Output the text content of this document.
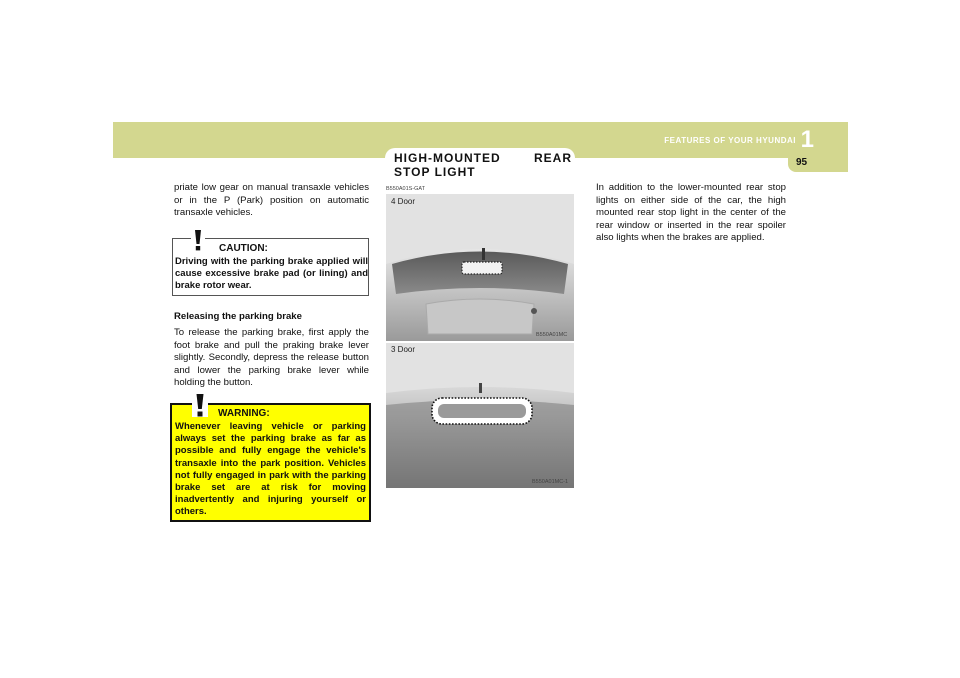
FEATURES OF YOUR HYUNDAI 1
95
priate low gear on manual transaxle vehicles or in the P (Park) position on automatic transaxle vehicles.
CAUTION:
Driving with the parking brake applied will cause excessive brake pad (or lining) and brake rotor wear.
Releasing the parking brake
To release the parking brake, first apply the foot brake and pull the praking brake lever slightly. Secondly, depress the release button and lower the parking brake lever while holding the button.
WARNING:
Whenever leaving vehicle or parking always set the parking brake as far as possible and fully engage the vehicle's transaxle into the park position. Vehicles not fully engaged in park with the parking brake set are at risk for moving inadvertently and injuring yourself or others.
HIGH-MOUNTED REAR
STOP LIGHT
B550A01S-GAT
4 Door
B550A01MC
3 Door
B550A01MC-1
In addition to the lower-mounted rear stop lights on either side of the car, the high mounted rear stop light in the center of the rear window or inserted in the rear spoiler also lights when the brakes are applied.
